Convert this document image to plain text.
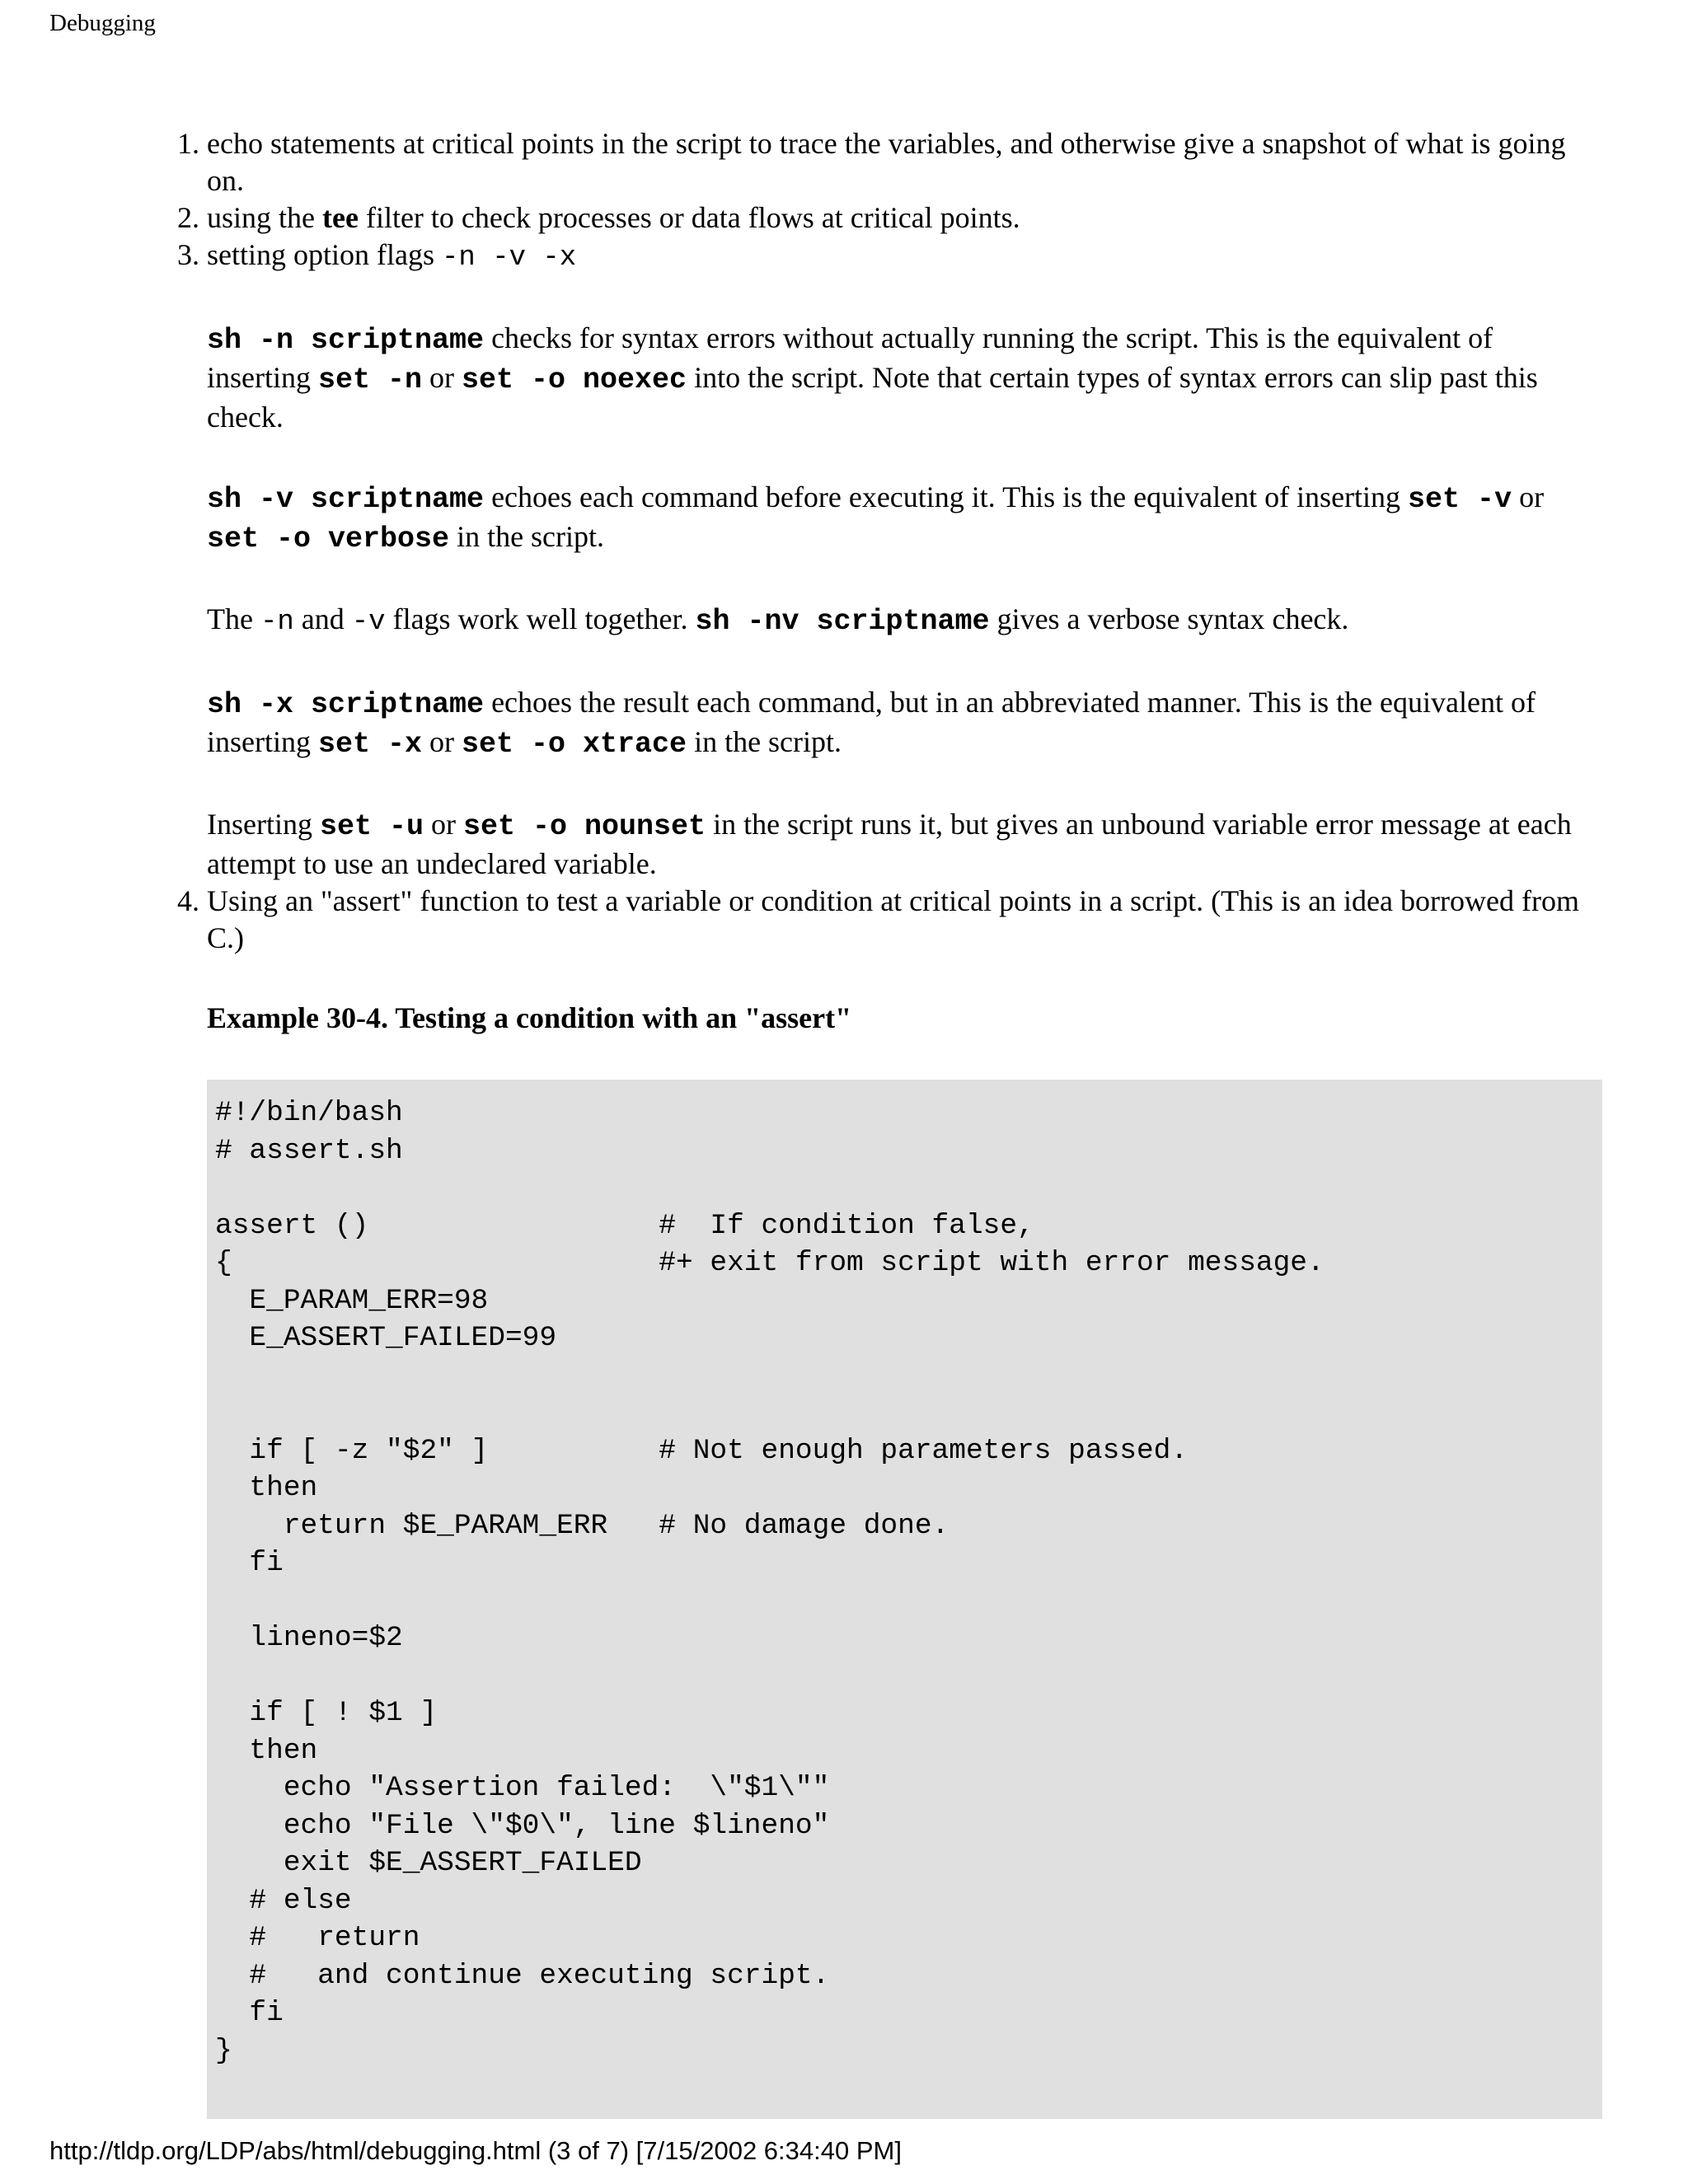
Debugging
1. echo statements at critical points in the script to trace the variables, and otherwise give a snapshot of what is going on.
2. using the tee filter to check processes or data flows at critical points.
3. setting option flags -n -v -x

sh -n scriptname checks for syntax errors without actually running the script. This is the equivalent of inserting set -n or set -o noexec into the script. Note that certain types of syntax errors can slip past this check.

sh -v scriptname echoes each command before executing it. This is the equivalent of inserting set -v or set -o verbose in the script.

The -n and -v flags work well together. sh -nv scriptname gives a verbose syntax check.

sh -x scriptname echoes the result each command, but in an abbreviated manner. This is the equivalent of inserting set -x or set -o xtrace in the script.

Inserting set -u or set -o nounset in the script runs it, but gives an unbound variable error message at each attempt to use an undeclared variable.

4. Using an "assert" function to test a variable or condition at critical points in a script. (This is an idea borrowed from C.)

Example 30-4. Testing a condition with an "assert"

#!/bin/bash
# assert.sh

assert ()                 #  If condition false,
{                         #+ exit from script with error message.
E_PARAM_ERR=98
E_ASSERT_FAILED=99

if [ -z "$2" ]          # Not enough parameters passed.
then
return $E_PARAM_ERR   # No damage done.
fi

lineno=$2

if [ ! $1 ]
then
echo "Assertion failed:  \"$1\""
echo "File \"$0\", line $lineno"
exit $E_ASSERT_FAILED
# else
#   return
#   and continue executing script.
fi
}
http://tldp.org/LDP/abs/html/debugging.html (3 of 7) [7/15/2002 6:34:40 PM]
